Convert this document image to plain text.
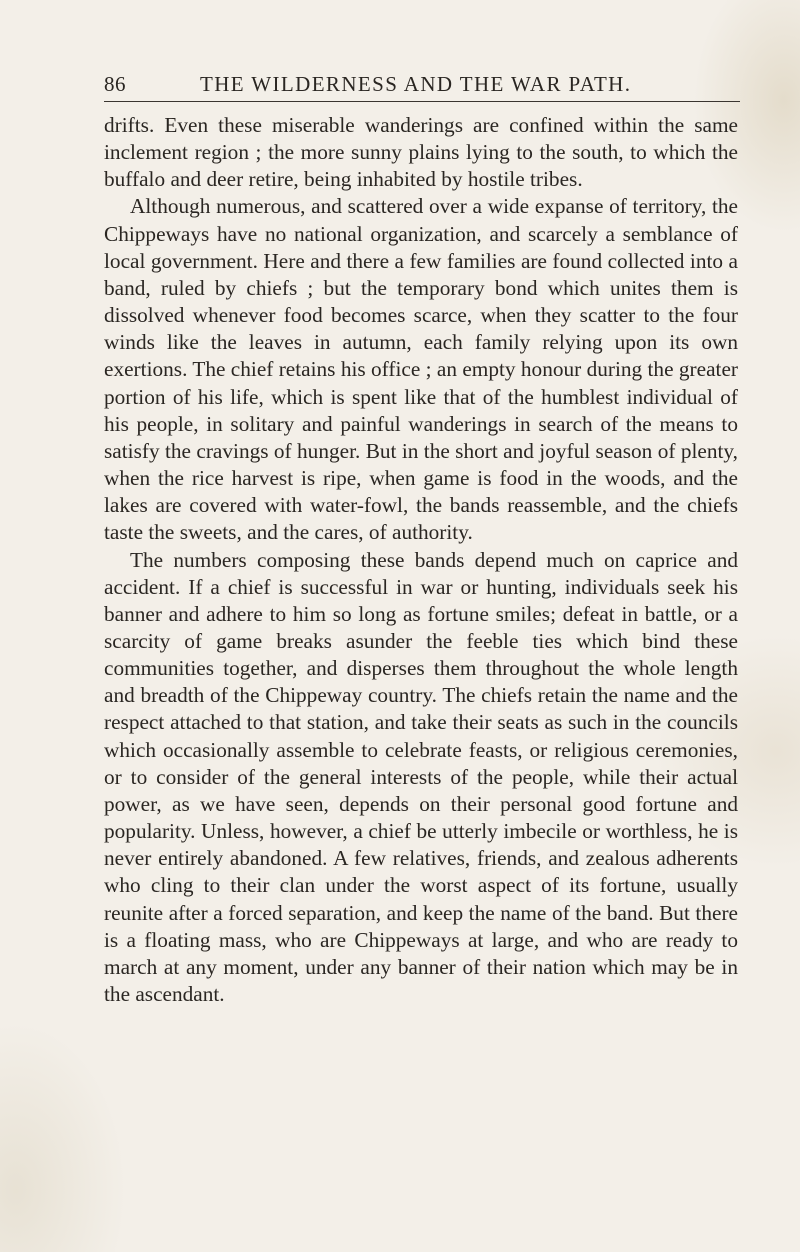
86	THE WILDERNESS AND THE WAR PATH.

drifts. Even these miserable wanderings are confined within the same inclement region ; the more sunny plains lying to the south, to which the buffalo and deer retire, being inhabited by hostile tribes.

Although numerous, and scattered over a wide expanse of territory, the Chippeways have no national organization, and scarcely a semblance of local government. Here and there a few families are found collected into a band, ruled by chiefs ; but the temporary bond which unites them is dissolved whenever food becomes scarce, when they scatter to the four winds like the leaves in autumn, each family relying upon its own exertions. The chief retains his office ; an empty honour during the greater portion of his life, which is spent like that of the humblest individual of his people, in solitary and painful wanderings in search of the means to satisfy the cravings of hunger. But in the short and joyful season of plenty, when the rice harvest is ripe, when game is food in the woods, and the lakes are covered with water-fowl, the bands reassemble, and the chiefs taste the sweets, and the cares, of authority.

The numbers composing these bands depend much on caprice and accident. If a chief is successful in war or hunting, individuals seek his banner and adhere to him so long as fortune smiles; defeat in battle, or a scarcity of game breaks asunder the feeble ties which bind these communities together, and disperses them throughout the whole length and breadth of the Chippeway country. The chiefs retain the name and the respect attached to that station, and take their seats as such in the councils which occasionally assemble to celebrate feasts, or religious ceremonies, or to consider of the general interests of the people, while their actual power, as we have seen, depends on their personal good fortune and popularity. Unless, however, a chief be utterly imbecile or worthless, he is never entirely abandoned. A few relatives, friends, and zealous adherents who cling to their clan under the worst aspect of its fortune, usually reunite after a forced separation, and keep the name of the band. But there is a floating mass, who are Chippeways at large, and who are ready to march at any moment, under any banner of their nation which may be in the ascendant.
